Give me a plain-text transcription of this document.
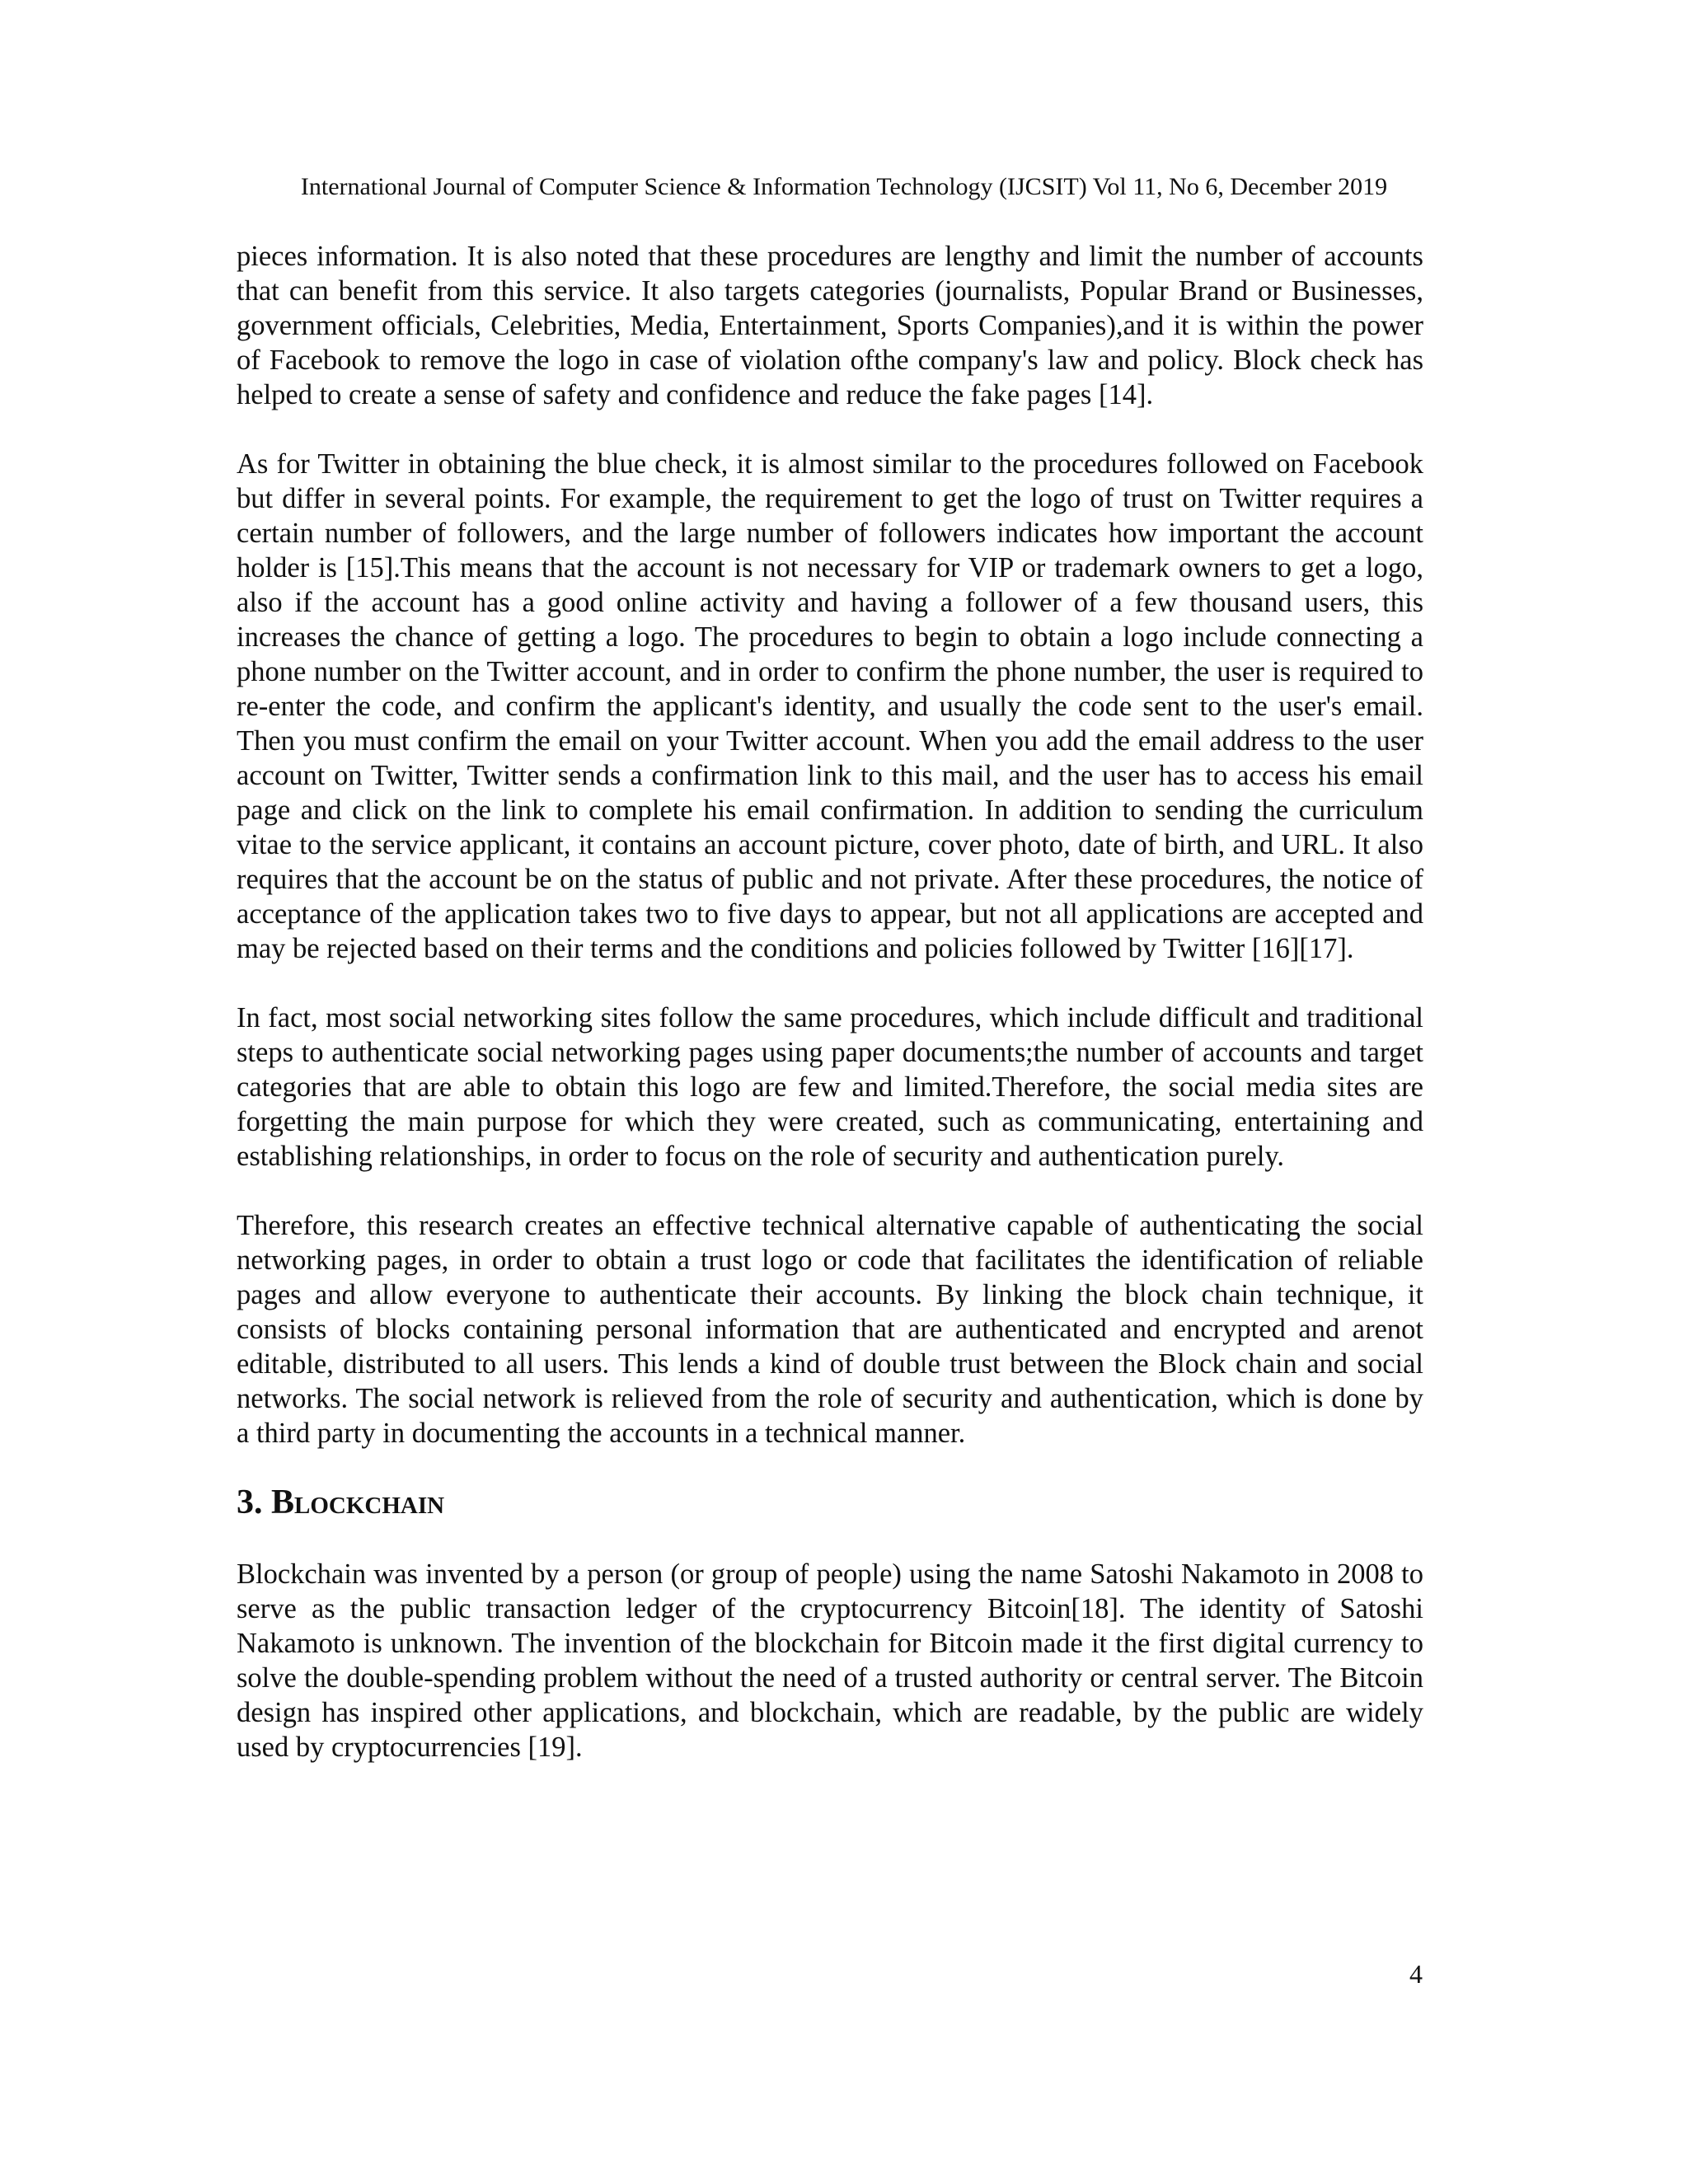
International Journal of Computer Science & Information Technology (IJCSIT) Vol 11, No 6, December 2019

pieces information. It is also noted that these procedures are lengthy and limit the number of accounts that can benefit from this service. It also targets categories (journalists, Popular Brand or Businesses, government officials, Celebrities, Media, Entertainment, Sports Companies),and it is within the power of Facebook to remove the logo in case of violation ofthe company's law and policy. Block check has helped to create a sense of safety and confidence and reduce the fake pages [14].

As for Twitter in obtaining the blue check, it is almost similar to the procedures followed on Facebook but differ in several points. For example, the requirement to get the logo of trust on Twitter requires a certain number of followers, and the large number of followers indicates how important the account holder is [15].This means that the account is not necessary for VIP or trademark owners to get a logo, also if the account has a good online activity and having a follower of a few thousand users, this increases the chance of getting a logo. The procedures to begin to obtain a logo include connecting a phone number on the Twitter account, and in order to confirm the phone number, the user is required to re-enter the code, and confirm the applicant's identity, and usually the code sent to the user's email. Then you must confirm the email on your Twitter account. When you add the email address to the user account on Twitter, Twitter sends a confirmation link to this mail, and the user has to access his email page and click on the link to complete his email confirmation. In addition to sending the curriculum vitae to the service applicant, it contains an account picture, cover photo, date of birth, and URL. It also requires that the account be on the status of public and not private. After these procedures, the notice of acceptance of the application takes two to five days to appear, but not all applications are accepted and may be rejected based on their terms and the conditions and policies followed by Twitter [16][17].

In fact, most social networking sites follow the same procedures, which include difficult and traditional steps to authenticate social networking pages using paper documents;the number of accounts and target categories that are able to obtain this logo are few and limited.Therefore, the social media sites are forgetting the main purpose for which they were created, such as communicating, entertaining and establishing relationships, in order to focus on the role of security and authentication purely.

Therefore, this research creates an effective technical alternative capable of authenticating the social networking pages, in order to obtain a trust logo or code that facilitates the identification of reliable pages and allow everyone to authenticate their accounts. By linking the block chain technique, it consists of blocks containing personal information that are authenticated and encrypted and arenot editable, distributed to all users. This lends a kind of double trust between the Block chain and social networks. The social network is relieved from the role of security and authentication, which is done by a third party in documenting the accounts in a technical manner.

3. Blockchain

Blockchain was invented by a person (or group of people) using the name Satoshi Nakamoto in 2008 to serve as the public transaction ledger of the cryptocurrency Bitcoin[18]. The identity of Satoshi Nakamoto is unknown. The invention of the blockchain for Bitcoin made it the first digital currency to solve the double-spending problem without the need of a trusted authority or central server. The Bitcoin design has inspired other applications, and blockchain, which are readable, by the public are widely used by cryptocurrencies [19].

4
